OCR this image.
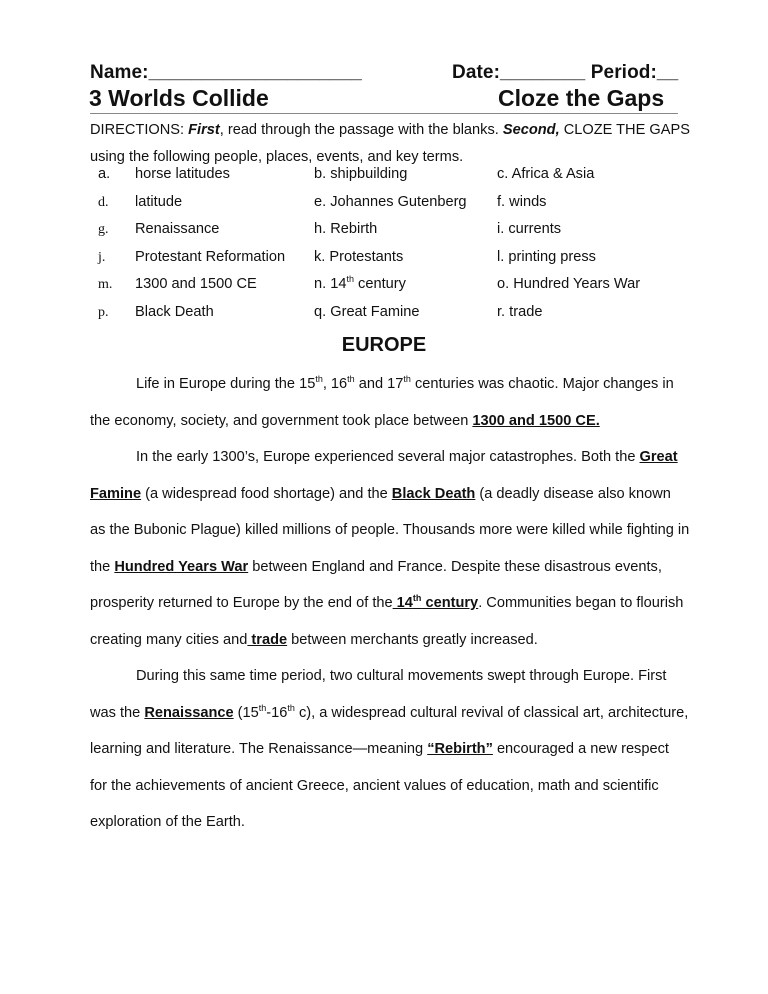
Name:____________________	Date:________ Period:__
3 Worlds Collide	Cloze the Gaps
DIRECTIONS: First, read through the passage with the blanks. Second, CLOZE THE GAPS using the following people, places, events, and key terms.
a. horse latitudes	b. shipbuilding	c. Africa & Asia
d. latitude	e. Johannes Gutenberg f. winds
g. Renaissance	h. Rebirth	i. currents
j. Protestant Reformation k. Protestants	l. printing press
m. 1300 and 1500 CE	n. 14th century	o. Hundred Years War
p. Black Death	q. Great Famine	r. trade
EUROPE

Life in Europe during the 15th, 16th and 17th centuries was chaotic. Major changes in the economy, society, and government took place between 1300 and 1500 CE.

In the early 1300’s, Europe experienced several major catastrophes. Both the Great Famine (a widespread food shortage) and the Black Death (a deadly disease also known as the Bubonic Plague) killed millions of people. Thousands more were killed while fighting in the Hundred Years War between England and France. Despite these disastrous events, prosperity returned to Europe by the end of the 14th century. Communities began to flourish creating many cities and trade between merchants greatly increased.

During this same time period, two cultural movements swept through Europe. First was the Renaissance (15th-16th c), a widespread cultural revival of classical art, architecture, learning and literature. The Renaissance—meaning “Rebirth” encouraged a new respect for the achievements of ancient Greece, ancient values of education, math and scientific exploration of the Earth.
